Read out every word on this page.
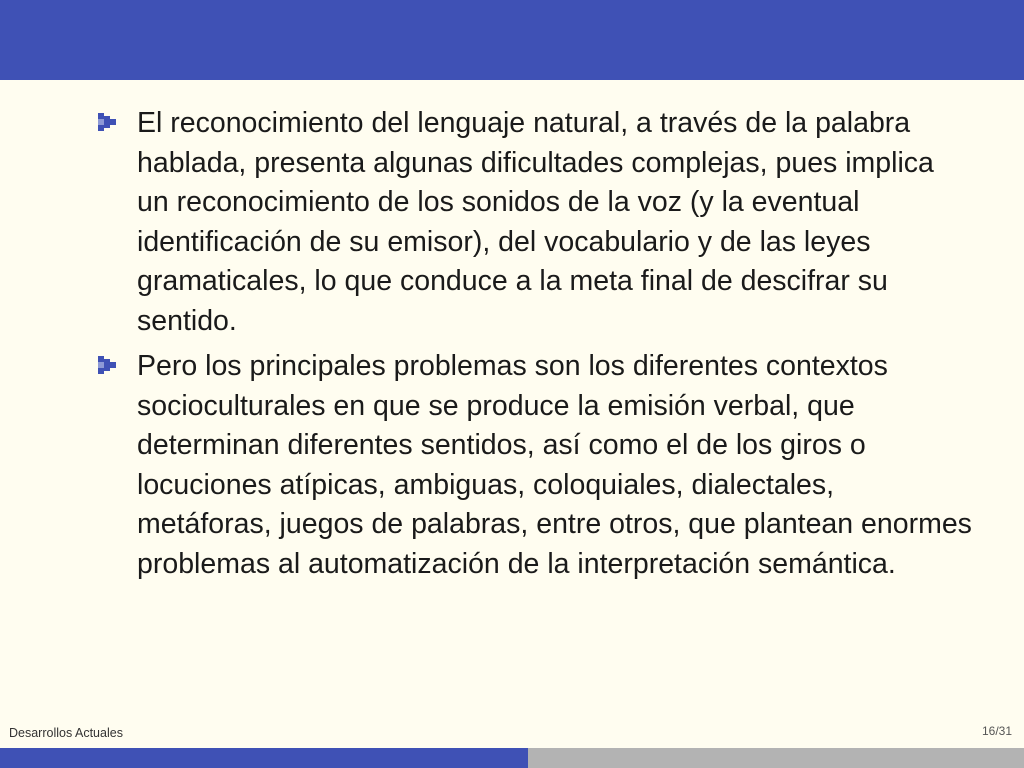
El reconocimiento del lenguaje natural, a través de la palabra hablada, presenta algunas dificultades complejas, pues implica un reconocimiento de los sonidos de la voz (y la eventual identificación de su emisor), del vocabulario y de las leyes gramaticales, lo que conduce a la meta final de descifrar su sentido.
Pero los principales problemas son los diferentes contextos socioculturales en que se produce la emisión verbal, que determinan diferentes sentidos, así como el de los giros o locuciones atípicas, ambiguas, coloquiales, dialectales, metáforas, juegos de palabras, entre otros, que plantean enormes problemas al automatización de la interpretación semántica.
Desarrollos Actuales	16/31
